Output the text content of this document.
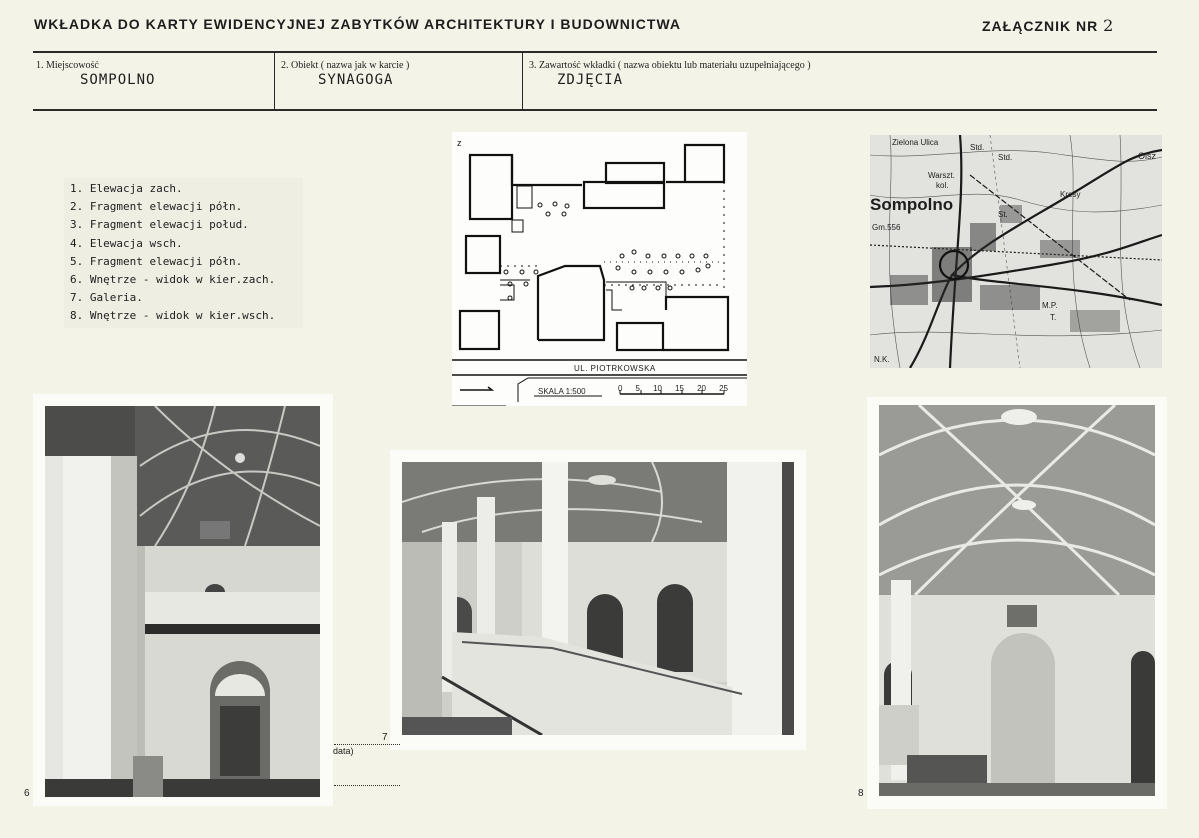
WKŁADKA DO KARTY EWIDENCYJNEJ ZABYTKÓW ARCHITEKTURY I BUDOWNICTWA	ZAŁĄCZNIK NR 2
1. Miejscowość
SOMPOLNO
2. Obiekt ( nazwa jak w karcie )
SYNAGOGA
3. Zawartość wkładki ( nazwa obiektu lub materiału uzupełniającego )
ZDJĘCIA
1. Elewacja zach.
2. Fragment elewacji półn.
3. Fragment elewacji połud.
4. Elewacja wsch.
5. Fragment elewacji półn.
6. Wnętrze - widok w kier.zach.
7. Galeria.
8. Wnętrze - widok w kier.wsch.
z
UL. PIOTRKOWSKA
SKALA 1:500	0 5 10 15 20 25
Sompolno
Zielona Ulica
Std.
Std.	Olsz
Warszt.
kol.
Kresy
Gm.556
St.
M.P.
T.
N.K.
6
7
data)
8
